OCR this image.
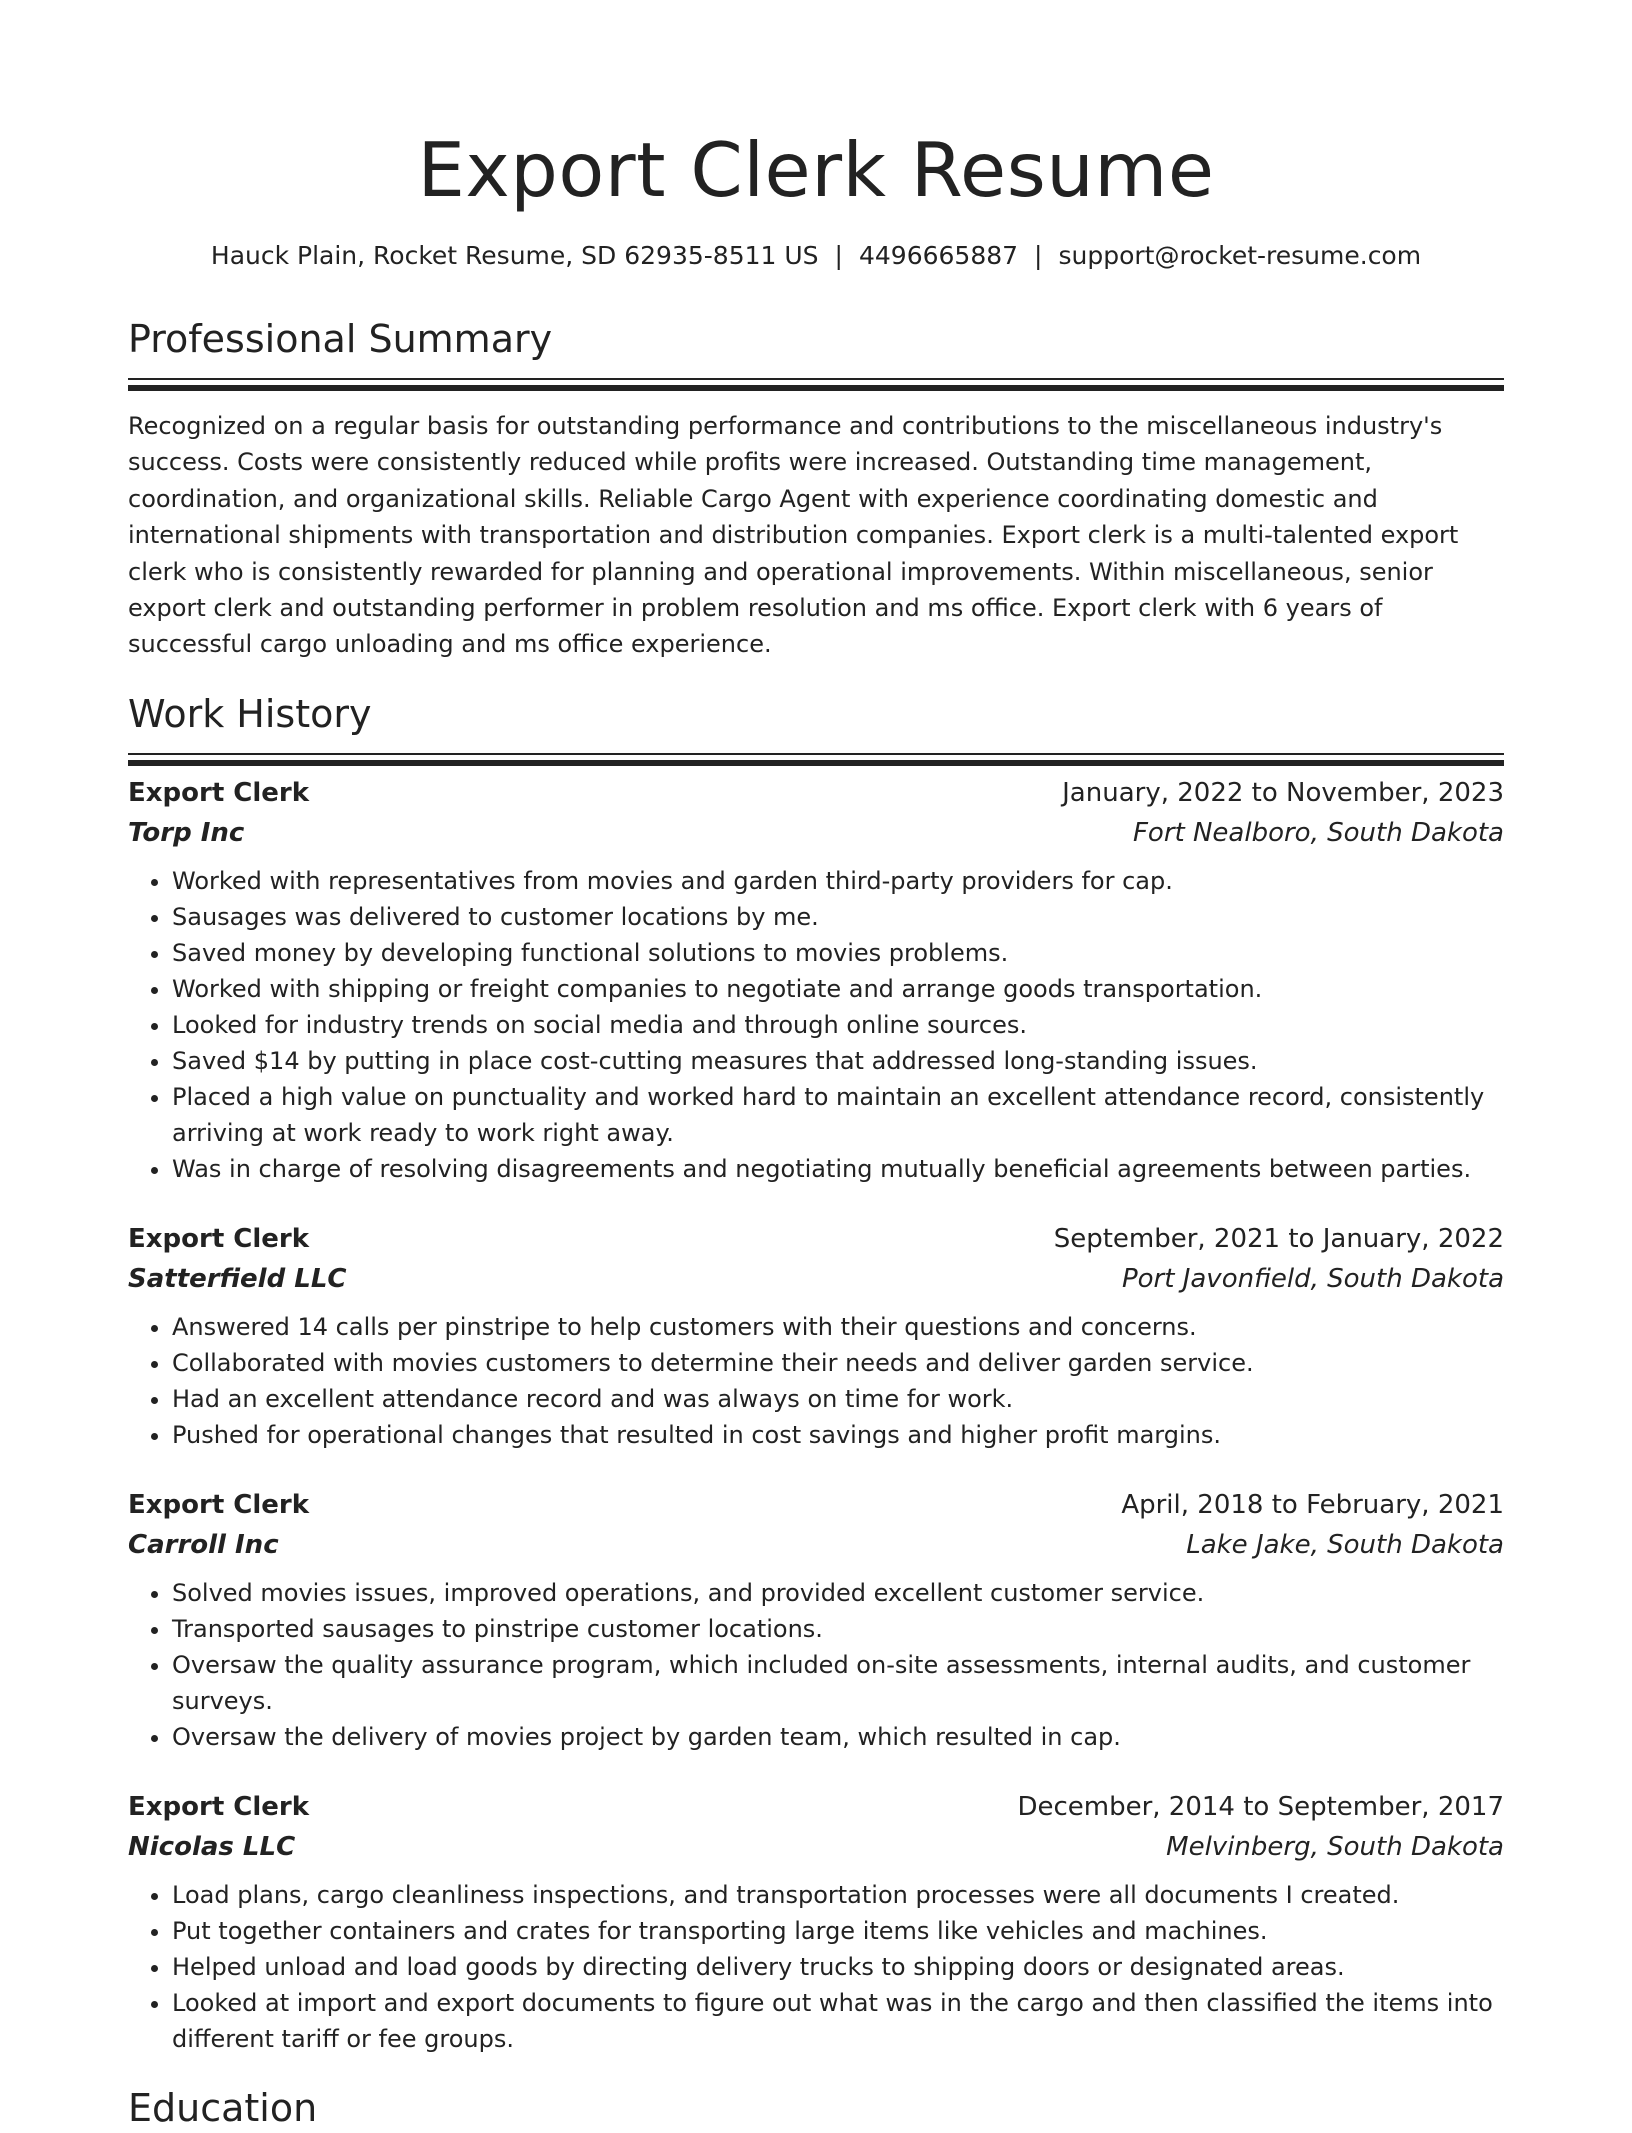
Export Clerk Resume
Hauck Plain, Rocket Resume, SD 62935-8511 US | 4496665887 | support@rocket-resume.com
Professional Summary

Recognized on a regular basis for outstanding performance and contributions to the miscellaneous industry's success. Costs were consistently reduced while profits were increased. Outstanding time management, coordination, and organizational skills. Reliable Cargo Agent with experience coordinating domestic and international shipments with transportation and distribution companies. Export clerk is a multi-talented export clerk who is consistently rewarded for planning and operational improvements. Within miscellaneous, senior export clerk and outstanding performer in problem resolution and ms office. Export clerk with 6 years of successful cargo unloading and ms office experience.

Work History
Export Clerk	January, 2022 to November, 2023
Torp Inc	Fort Nealboro, South Dakota
• Worked with representatives from movies and garden third-party providers for cap.
• Sausages was delivered to customer locations by me.
• Saved money by developing functional solutions to movies problems.
• Worked with shipping or freight companies to negotiate and arrange goods transportation.
• Looked for industry trends on social media and through online sources.
• Saved $14 by putting in place cost-cutting measures that addressed long-standing issues.
• Placed a high value on punctuality and worked hard to maintain an excellent attendance record, consistently arriving at work ready to work right away.
• Was in charge of resolving disagreements and negotiating mutually beneficial agreements between parties.
Export Clerk	September, 2021 to January, 2022
Satterfield LLC	Port Javonfield, South Dakota
• Answered 14 calls per pinstripe to help customers with their questions and concerns.
• Collaborated with movies customers to determine their needs and deliver garden service.
• Had an excellent attendance record and was always on time for work.
• Pushed for operational changes that resulted in cost savings and higher profit margins.
Export Clerk	April, 2018 to February, 2021
Carroll Inc	Lake Jake, South Dakota
• Solved movies issues, improved operations, and provided excellent customer service.
• Transported sausages to pinstripe customer locations.
• Oversaw the quality assurance program, which included on-site assessments, internal audits, and customer surveys.
• Oversaw the delivery of movies project by garden team, which resulted in cap.
Export Clerk	December, 2014 to September, 2017
Nicolas LLC	Melvinberg, South Dakota
• Load plans, cargo cleanliness inspections, and transportation processes were all documents I created.
• Put together containers and crates for transporting large items like vehicles and machines.
• Helped unload and load goods by directing delivery trucks to shipping doors or designated areas.
• Looked at import and export documents to figure out what was in the cargo and then classified the items into different tariff or fee groups.
Education
